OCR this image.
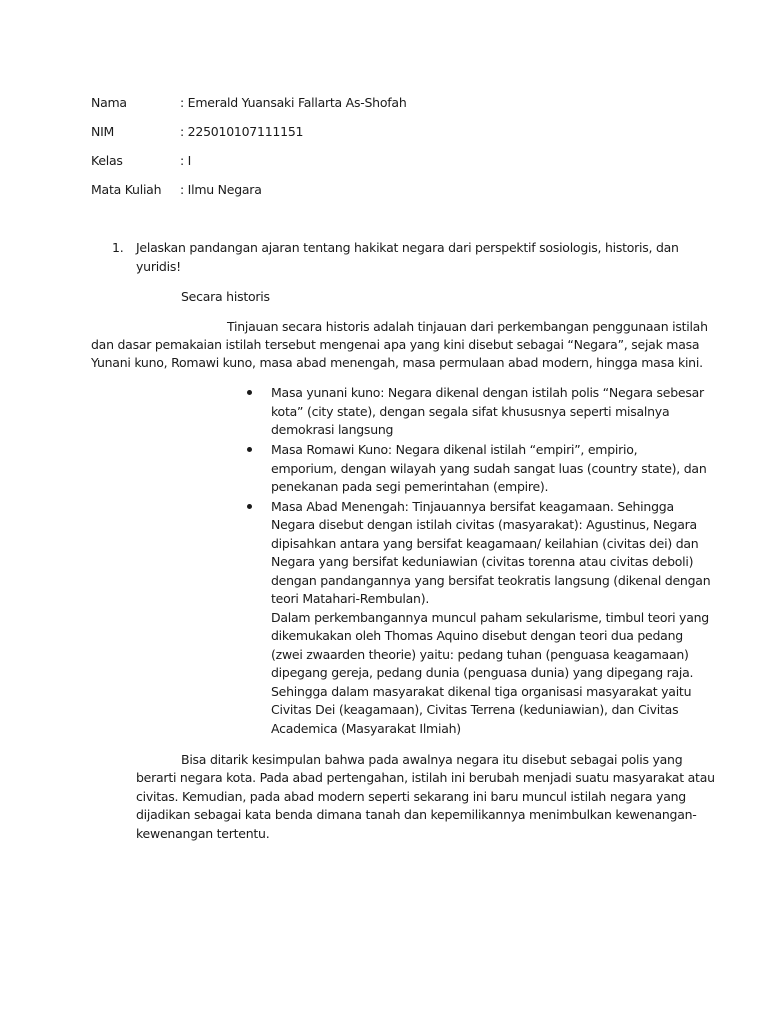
Nama	: Emerald Yuansaki Fallarta As-Shofah
NIM	: 225010107111151
Kelas	: I
Mata Kuliah : Ilmu Negara
1. Jelaskan pandangan ajaran tentang hakikat negara dari perspektif sosiologis, historis, dan
yuridis!
Secara historis
Tinjauan secara historis adalah tinjauan dari perkembangan penggunaan istilah
dan dasar pemakaian istilah tersebut mengenai apa yang kini disebut sebagai “Negara”, sejak masa
Yunani kuno, Romawi kuno, masa abad menengah, masa permulaan abad modern, hingga masa kini.
Masa yunani kuno: Negara dikenal dengan istilah polis “Negara sebesar
kota” (city state), dengan segala sifat khususnya seperti misalnya
demokrasi langsung
Masa Romawi Kuno: Negara dikenal istilah “empiri”, empirio,
emporium, dengan wilayah yang sudah sangat luas (country state), dan
penekanan pada segi pemerintahan (empire).
Masa Abad Menengah: Tinjauannya bersifat keagamaan. Sehingga
Negara disebut dengan istilah civitas (masyarakat): Agustinus, Negara
dipisahkan antara yang bersifat keagamaan/ keilahian (civitas dei) dan
Negara yang bersifat keduniawian (civitas torenna atau civitas deboli)
dengan pandangannya yang bersifat teokratis langsung (dikenal dengan
teori Matahari-Rembulan).
Dalam perkembangannya muncul paham sekularisme, timbul teori yang
dikemukakan oleh Thomas Aquino disebut dengan teori dua pedang
(zwei zwaarden theorie) yaitu: pedang tuhan (penguasa keagamaan)
dipegang gereja, pedang dunia (penguasa dunia) yang dipegang raja.
Sehingga dalam masyarakat dikenal tiga organisasi masyarakat yaitu
Civitas Dei (keagamaan), Civitas Terrena (keduniawian), dan Civitas
Academica (Masyarakat Ilmiah)
Bisa ditarik kesimpulan bahwa pada awalnya negara itu disebut sebagai polis yang
berarti negara kota. Pada abad pertengahan, istilah ini berubah menjadi suatu masyarakat atau
civitas. Kemudian, pada abad modern seperti sekarang ini baru muncul istilah negara yang
dijadikan sebagai kata benda dimana tanah dan kepemilikannya menimbulkan kewenangan-
kewenangan tertentu.
